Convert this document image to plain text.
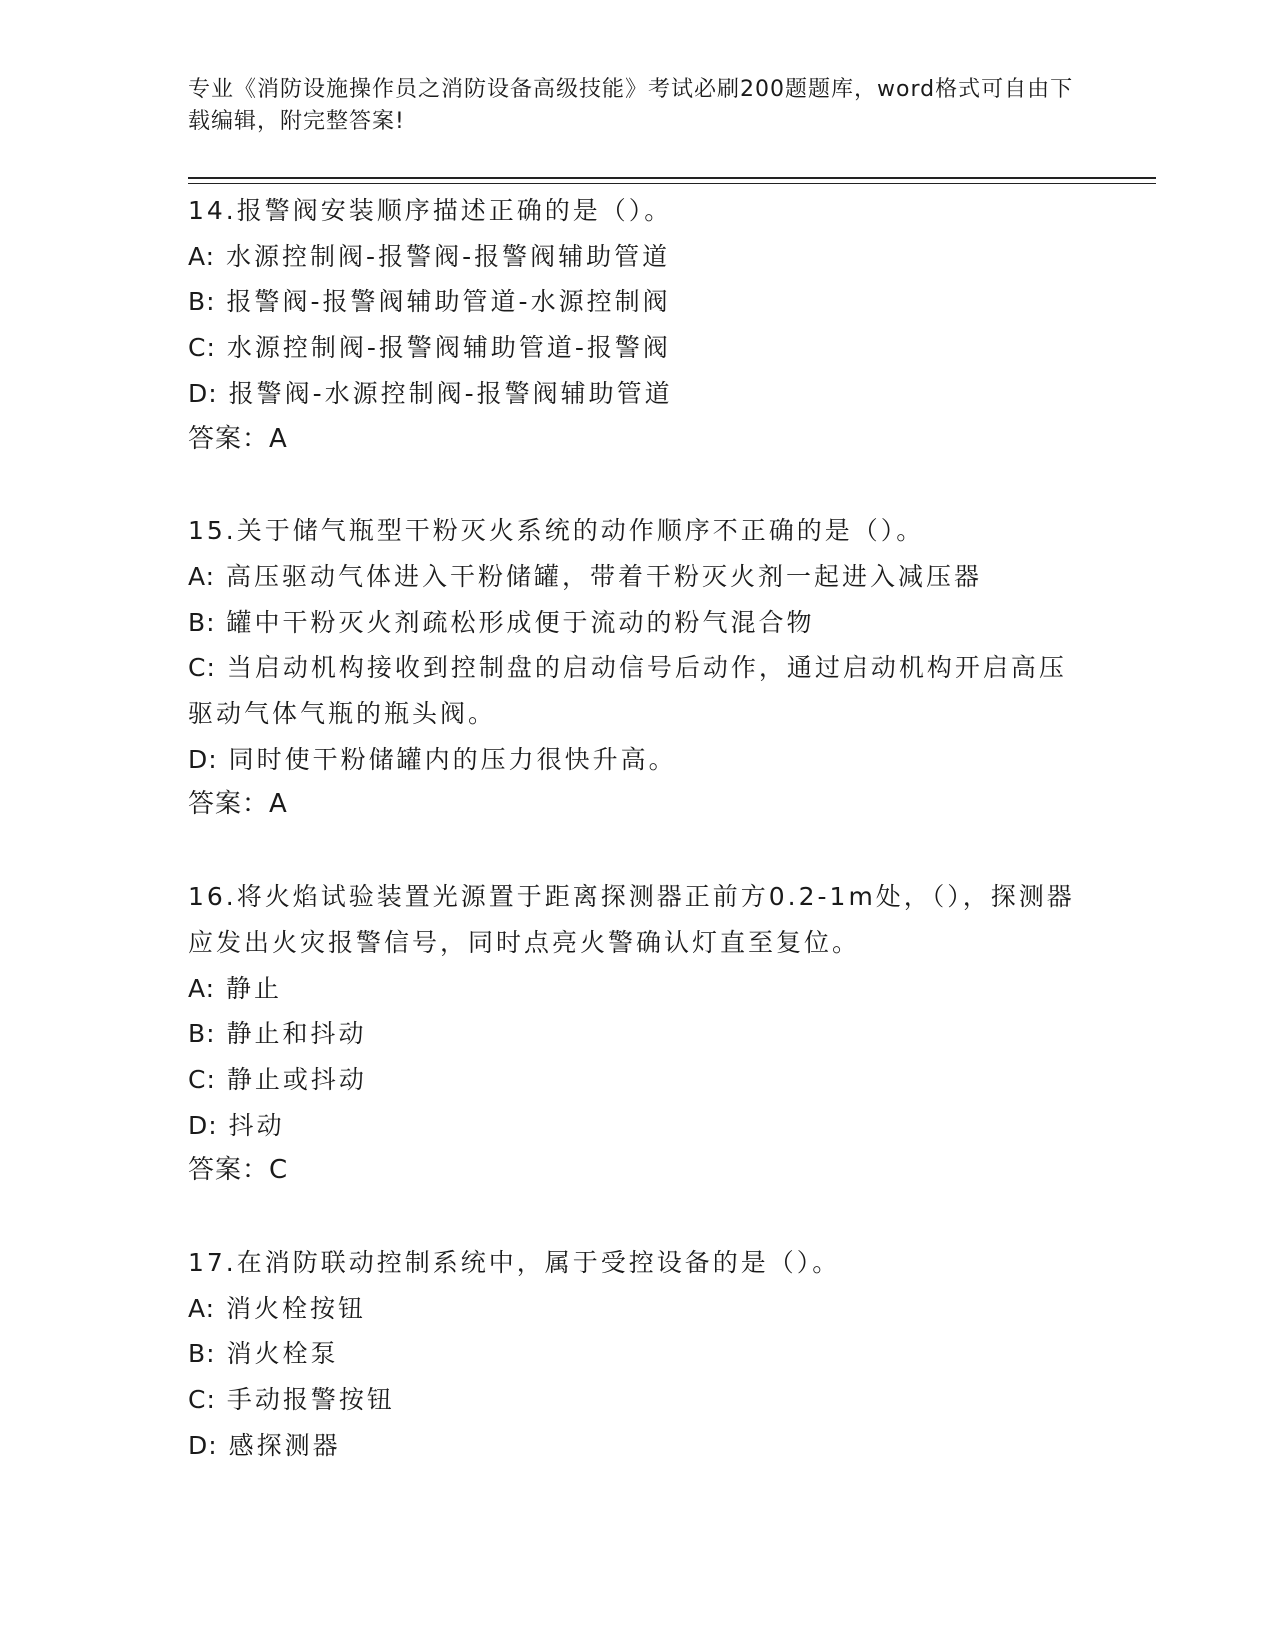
专业《消防设施操作员之消防设备高级技能》考试必刷200题题库，word格式可自由下载编辑，附完整答案!
14.报警阀安装顺序描述正确的是（）。
A: 水源控制阀-报警阀-报警阀辅助管道
B: 报警阀-报警阀辅助管道-水源控制阀
C: 水源控制阀-报警阀辅助管道-报警阀
D: 报警阀-水源控制阀-报警阀辅助管道
答案：A
15.关于储气瓶型干粉灭火系统的动作顺序不正确的是（）。
A: 高压驱动气体进入干粉储罐，带着干粉灭火剂一起进入减压器
B: 罐中干粉灭火剂疏松形成便于流动的粉气混合物
C: 当启动机构接收到控制盘的启动信号后动作，通过启动机构开启高压驱动气体气瓶的瓶头阀。
D: 同时使干粉储罐内的压力很快升高。
答案：A
16.将火焰试验装置光源置于距离探测器正前方0.2-1m处，（），探测器应发出火灾报警信号，同时点亮火警确认灯直至复位。
A: 静止
B: 静止和抖动
C: 静止或抖动
D: 抖动
答案：C
17.在消防联动控制系统中，属于受控设备的是（）。
A: 消火栓按钮
B: 消火栓泵
C: 手动报警按钮
D: 感探测器
